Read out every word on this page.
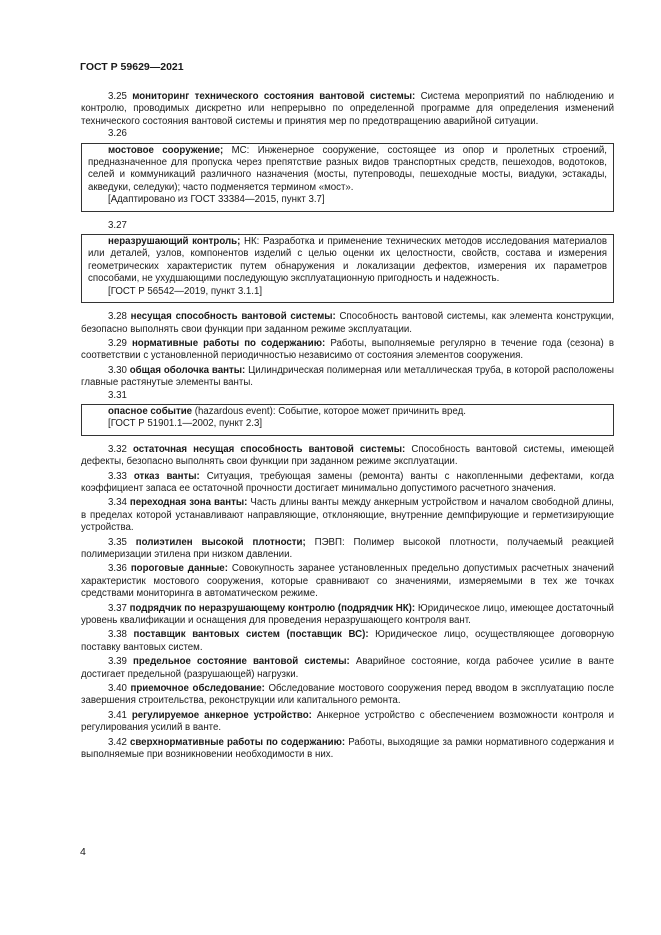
ГОСТ Р 59629—2021

3.25 мониторинг технического состояния вантовой системы: Система мероприятий по наблюдению и контролю, проводимых дискретно или непрерывно по определенной программе для определения изменений технического состояния вантовой системы и принятия мер по предотвращению аварийной ситуации.

3.26

мостовое сооружение; МС: Инженерное сооружение, состоящее из опор и пролетных строений, предназначенное для пропуска через препятствие разных видов транспортных средств, пешеходов, водотоков, селей и коммуникаций различного назначения (мосты, путепроводы, пешеходные мосты, виадуки, эстакады, акведуки, селедуки); часто подменяется термином «мост».

[Адаптировано из ГОСТ 33384—2015, пункт 3.7]

3.27

неразрушающий контроль; НК: Разработка и применение технических методов исследования материалов или деталей, узлов, компонентов изделий с целью оценки их целостности, свойств, состава и измерения геометрических характеристик путем обнаружения и локализации дефектов, измерения их параметров способами, не ухудшающими последующую эксплуатационную пригодность и надежность.

[ГОСТ Р 56542—2019, пункт 3.1.1]

3.28 несущая способность вантовой системы: Способность вантовой системы, как элемента конструкции, безопасно выполнять свои функции при заданном режиме эксплуатации.

3.29 нормативные работы по содержанию: Работы, выполняемые регулярно в течение года (сезона) в соответствии с установленной периодичностью независимо от состояния элементов сооружения.

3.30 общая оболочка ванты: Цилиндрическая полимерная или металлическая труба, в которой расположены главные растянутые элементы ванты.

3.31

опасное событие (hazardous event): Событие, которое может причинить вред.

[ГОСТ Р 51901.1—2002, пункт 2.3]

3.32 остаточная несущая способность вантовой системы: Способность вантовой системы, имеющей дефекты, безопасно выполнять свои функции при заданном режиме эксплуатации.

3.33 отказ ванты: Ситуация, требующая замены (ремонта) ванты с накопленными дефектами, когда коэффициент запаса ее остаточной прочности достигает минимально допустимого расчетного значения.

3.34 переходная зона ванты: Часть длины ванты между анкерным устройством и началом свободной длины, в пределах которой устанавливают направляющие, отклоняющие, внутренние демпфирующие и герметизирующие устройства.

3.35 полиэтилен высокой плотности; ПЭВП: Полимер высокой плотности, получаемый реакцией полимеризации этилена при низком давлении.

3.36 пороговые данные: Совокупность заранее установленных предельно допустимых расчетных значений характеристик мостового сооружения, которые сравнивают со значениями, измеряемыми в тех же точках средствами мониторинга в автоматическом режиме.

3.37 подрядчик по неразрушающему контролю (подрядчик НК): Юридическое лицо, имеющее достаточный уровень квалификации и оснащения для проведения неразрушающего контроля вант.

3.38 поставщик вантовых систем (поставщик ВС): Юридическое лицо, осуществляющее договорную поставку вантовых систем.

3.39 предельное состояние вантовой системы: Аварийное состояние, когда рабочее усилие в ванте достигает предельной (разрушающей) нагрузки.

3.40 приемочное обследование: Обследование мостового сооружения перед вводом в эксплуатацию после завершения строительства, реконструкции или капитального ремонта.

3.41 регулируемое анкерное устройство: Анкерное устройство с обеспечением возможности контроля и регулирования усилий в ванте.

3.42 сверхнормативные работы по содержанию: Работы, выходящие за рамки нормативного содержания и выполняемые при возникновении необходимости в них.

4
